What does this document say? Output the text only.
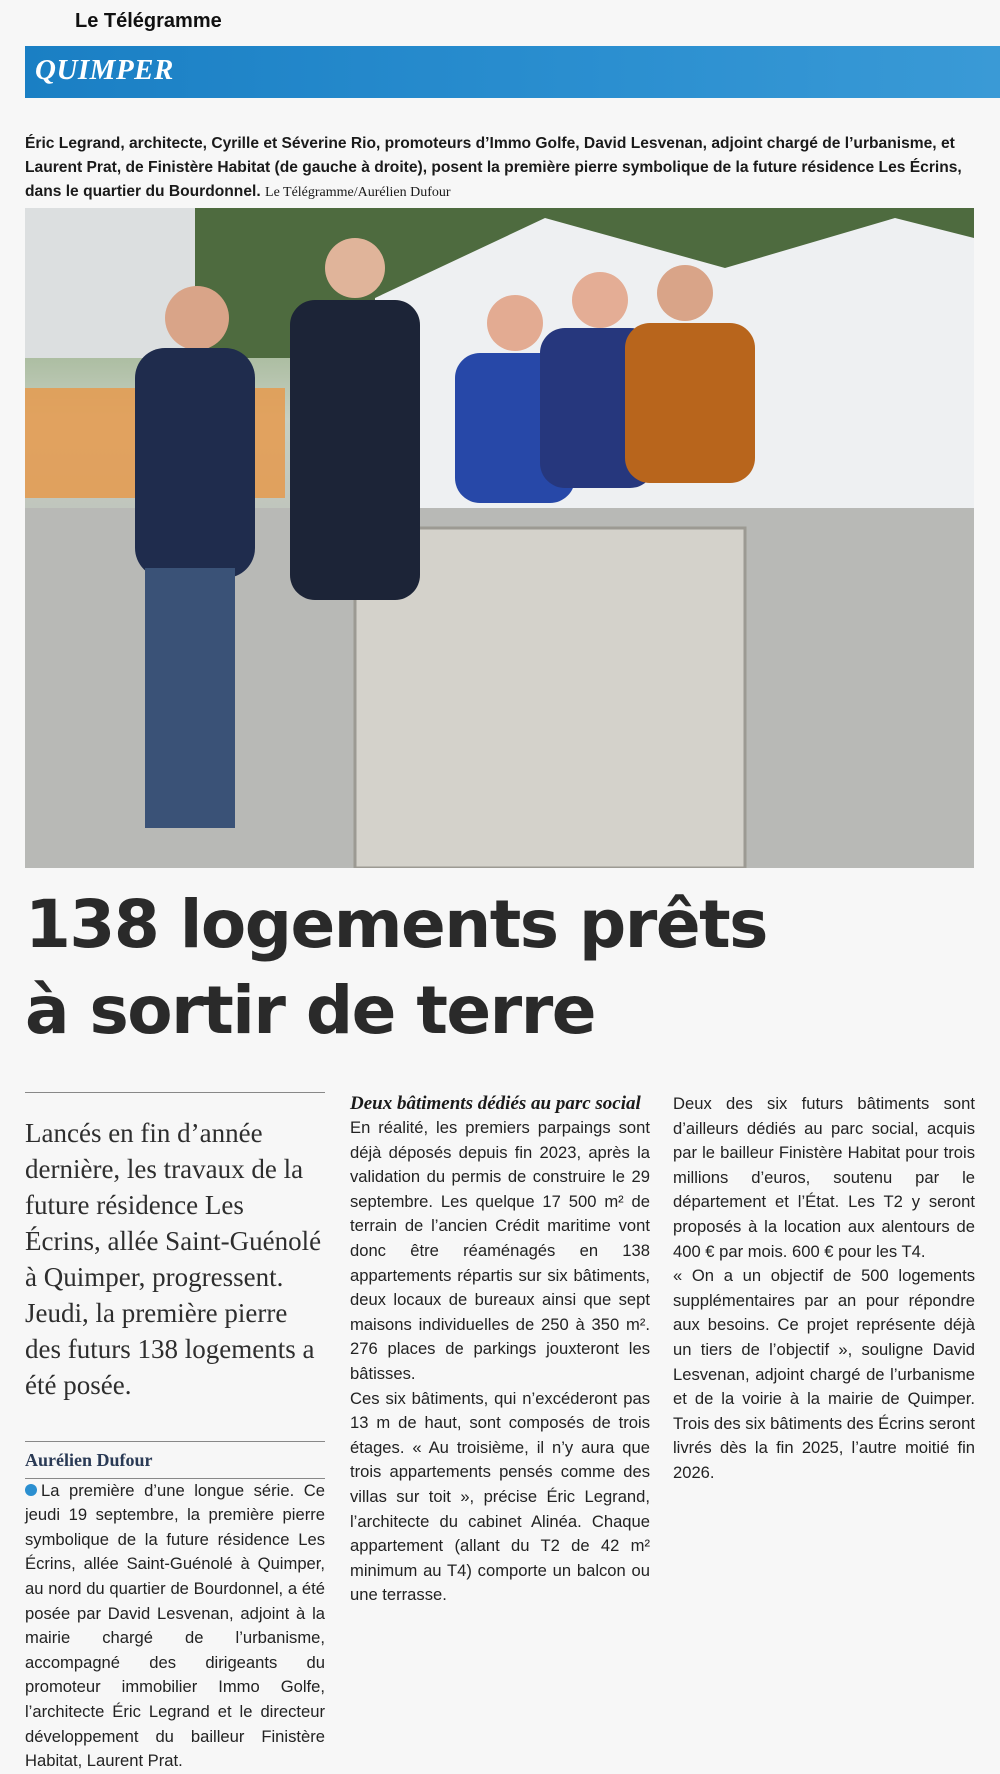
Le Télégramme
QUIMPER
Éric Legrand, architecte, Cyrille et Séverine Rio, promoteurs d’Immo Golfe, David Lesvenan, adjoint chargé de l’urbanisme, et Laurent Prat, de Finistère Habitat (de gauche à droite), posent la première pierre symbolique de la future résidence Les Écrins, dans le quartier du Bourdonnel. Le Télégramme/Aurélien Dufour
138 logements prêts
à sortir de terre
Lancés en fin d’année dernière, les travaux de la future résidence Les Écrins, allée Saint-Guénolé à Quimper, progressent. Jeudi, la première pierre des futurs 138 logements a été posée.
Aurélien Dufour

La première d’une longue série. Ce jeudi 19 septembre, la première pierre symbolique de la future résidence Les Écrins, allée Saint-Guénolé à Quimper, au nord du quartier de Bourdonnel, a été posée par David Lesvenan, adjoint à la mairie chargé de l’urbanisme, accompagné des dirigeants du promoteur immobilier Immo Golfe, l’architecte Éric Legrand et le directeur développement du bailleur Finistère Habitat, Laurent Prat.

Deux bâtiments dédiés au parc social

En réalité, les premiers parpaings sont déjà déposés depuis fin 2023, après la validation du permis de construire le 29 septembre. Les quelque 17 500 m² de terrain de l’ancien Crédit maritime vont donc être réaménagés en 138 appartements répartis sur six bâtiments, deux locaux de bureaux ainsi que sept maisons individuelles de 250 à 350 m². 276 places de parkings jouxteront les bâtisses.

Ces six bâtiments, qui n’excéderont pas 13 m de haut, sont composés de trois étages. « Au troisième, il n’y aura que trois appartements pensés comme des villas sur toit », précise Éric Legrand, l’architecte du cabinet Alinéa. Chaque appartement (allant du T2 de 42 m² minimum au T4) comporte un balcon ou une terrasse.

Deux des six futurs bâtiments sont d’ailleurs dédiés au parc social, acquis par le bailleur Finistère Habitat pour trois millions d’euros, soutenu par le département et l’État. Les T2 y seront proposés à la location aux alentours de 400 € par mois. 600 € pour les T4.

« On a un objectif de 500 logements supplémentaires par an pour répondre aux besoins. Ce projet représente déjà un tiers de l’objectif », souligne David Lesvenan, adjoint chargé de l’urbanisme et de la voirie à la mairie de Quimper. Trois des six bâtiments des Écrins seront livrés dès la fin 2025, l’autre moitié fin 2026.
